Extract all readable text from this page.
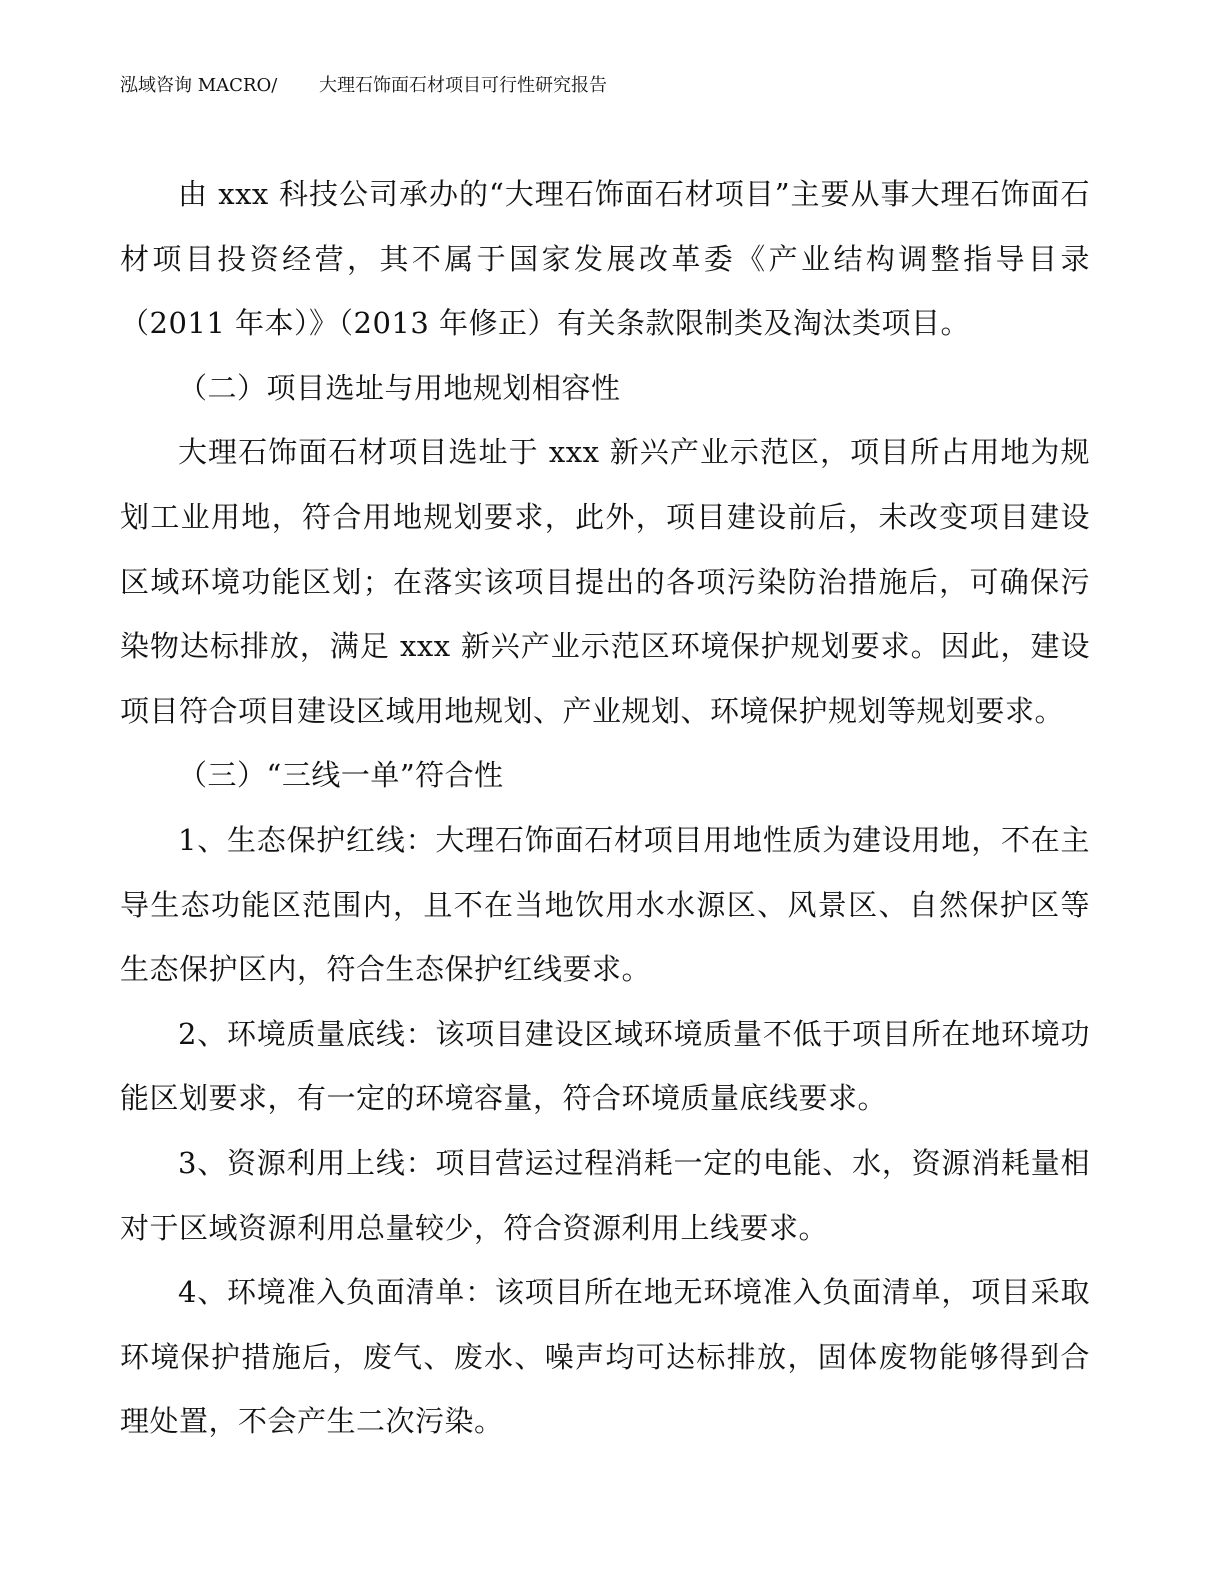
泓域咨询 MACRO/ 大理石饰面石材项目可行性研究报告

由 xxx 科技公司承办的“大理石饰面石材项目”主要从事大理石饰面石材项目投资经营，其不属于国家发展改革委《产业结构调整指导目录（2011 年本）》（2013 年修正）有关条款限制类及淘汰类项目。

（二）项目选址与用地规划相容性

大理石饰面石材项目选址于 xxx 新兴产业示范区，项目所占用地为规划工业用地，符合用地规划要求，此外，项目建设前后，未改变项目建设区域环境功能区划；在落实该项目提出的各项污染防治措施后，可确保污染物达标排放，满足 xxx 新兴产业示范区环境保护规划要求。因此，建设项目符合项目建设区域用地规划、产业规划、环境保护规划等规划要求。

（三）“三线一单”符合性

1、生态保护红线：大理石饰面石材项目用地性质为建设用地，不在主导生态功能区范围内，且不在当地饮用水水源区、风景区、自然保护区等生态保护区内，符合生态保护红线要求。

2、环境质量底线：该项目建设区域环境质量不低于项目所在地环境功能区划要求，有一定的环境容量，符合环境质量底线要求。

3、资源利用上线：项目营运过程消耗一定的电能、水，资源消耗量相对于区域资源利用总量较少，符合资源利用上线要求。

4、环境准入负面清单：该项目所在地无环境准入负面清单，项目采取环境保护措施后，废气、废水、噪声均可达标排放，固体废物能够得到合理处置，不会产生二次污染。
